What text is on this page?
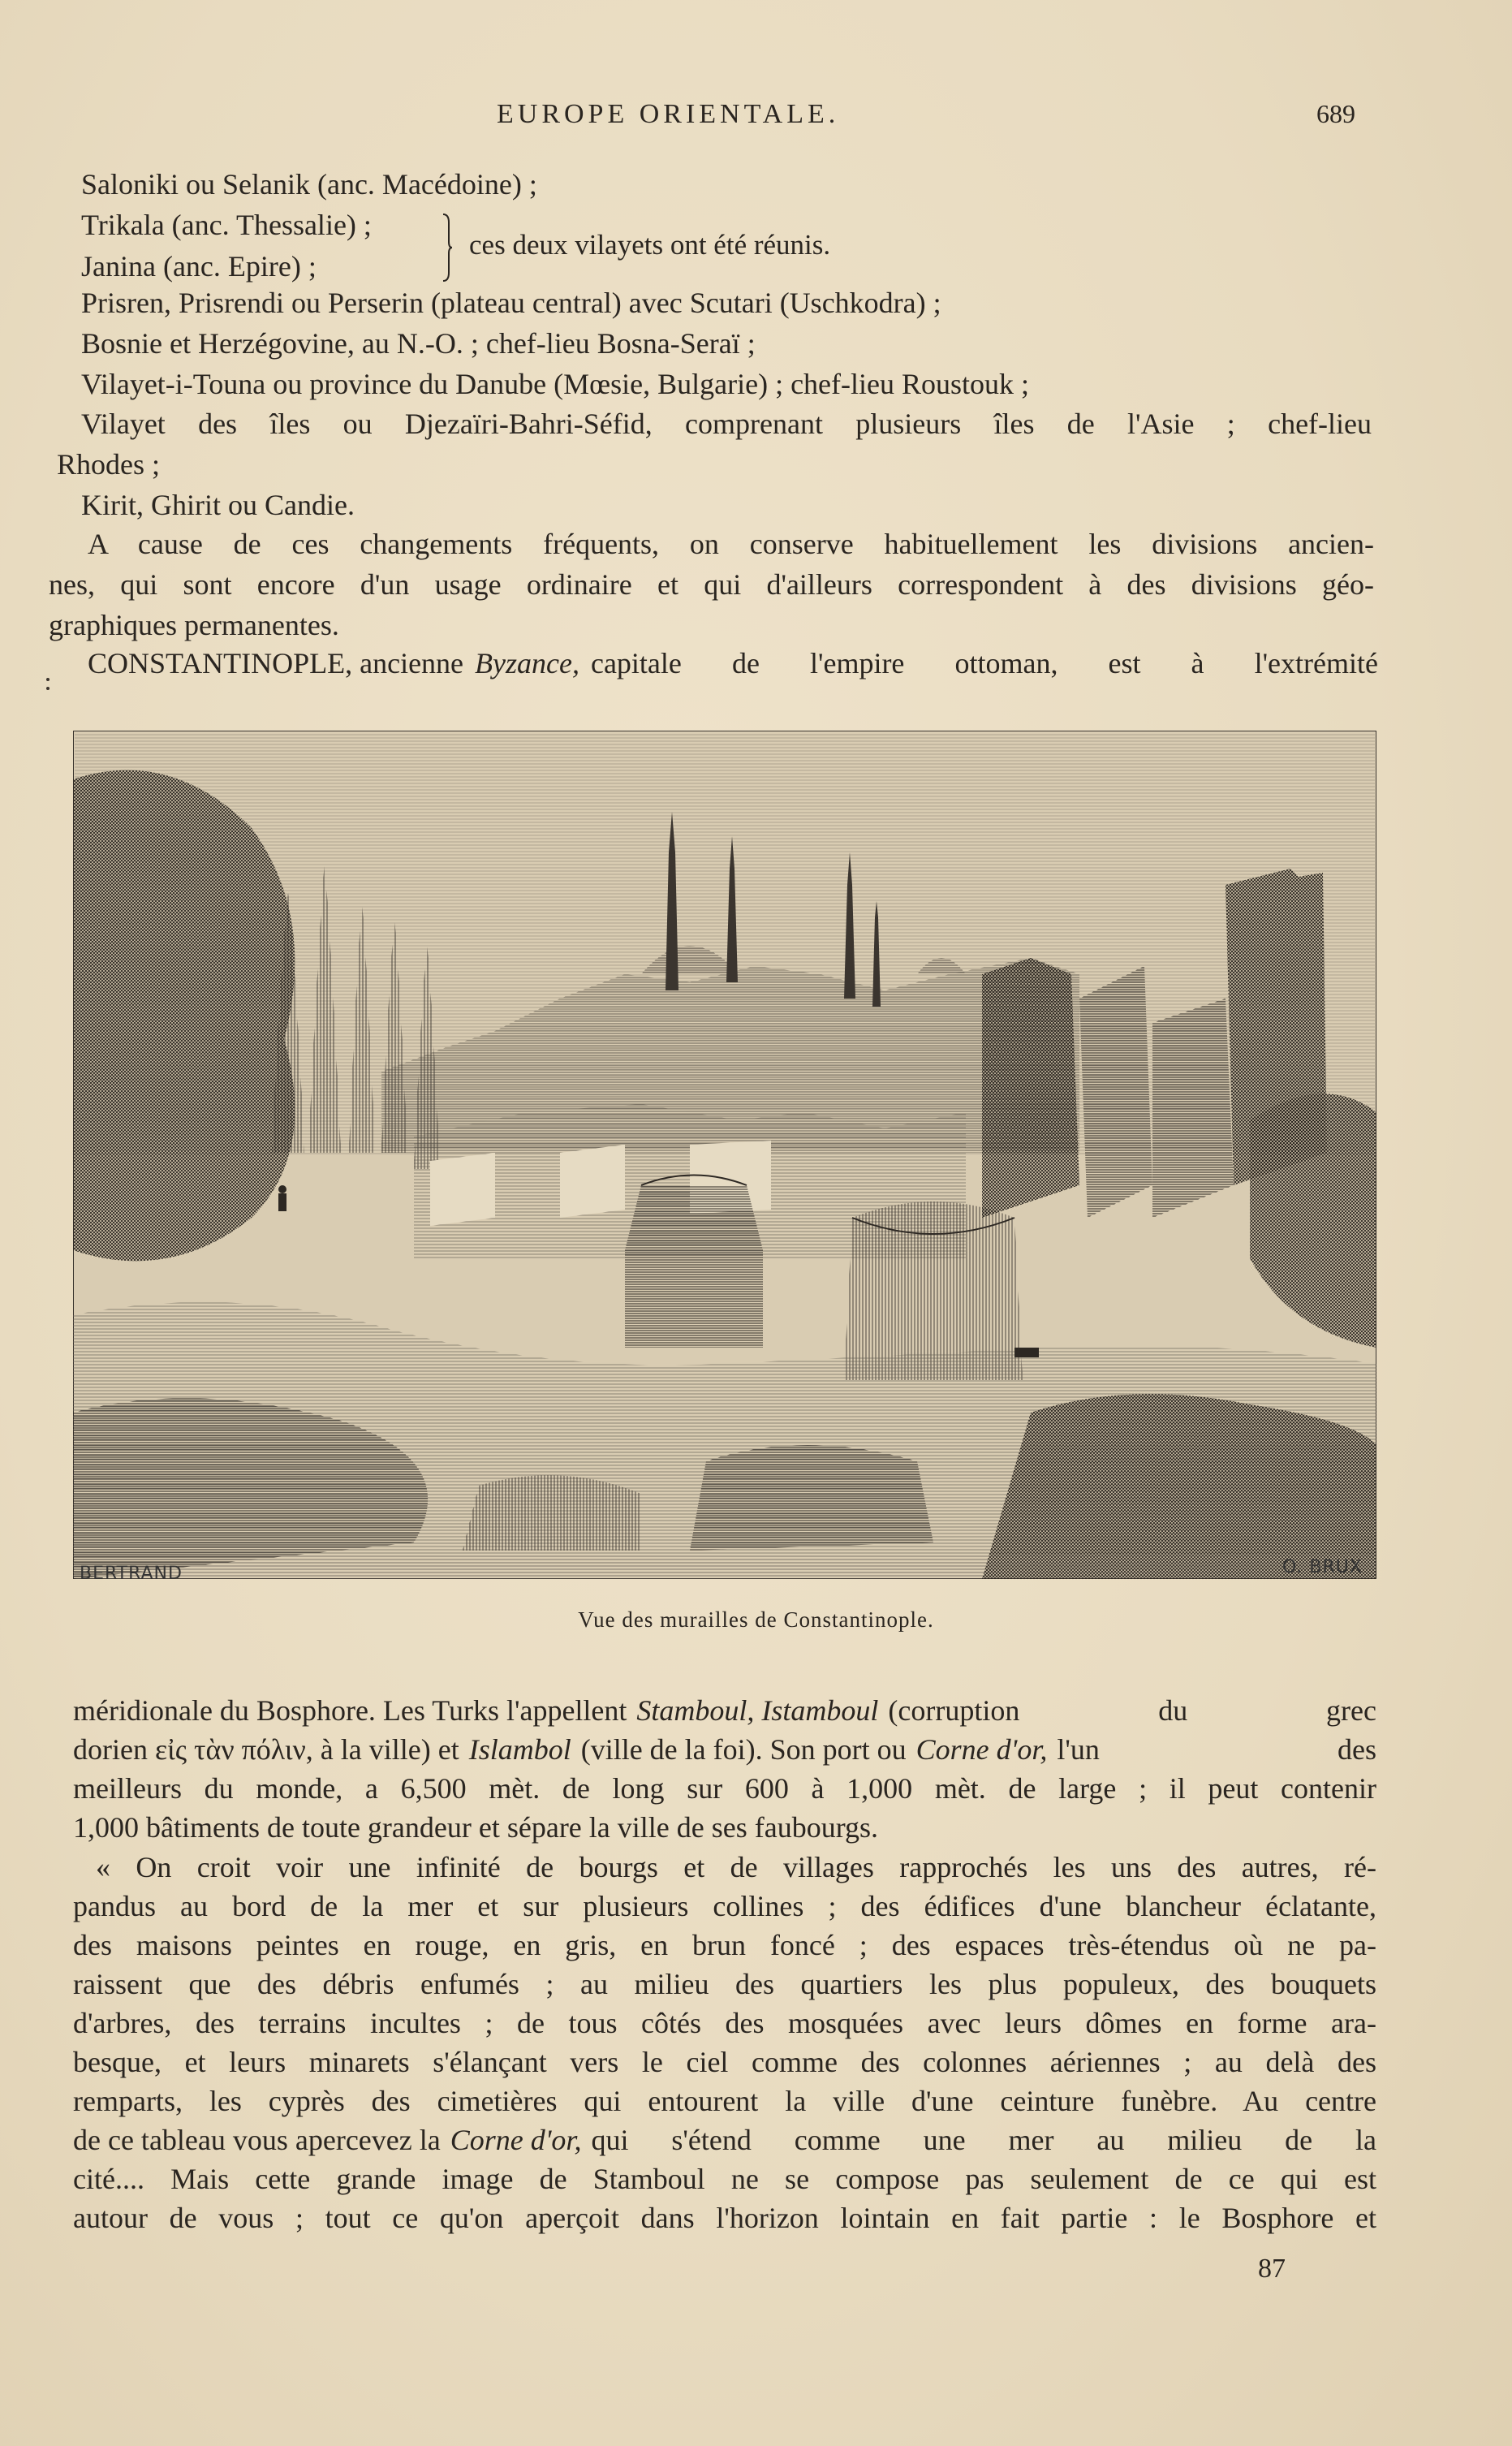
EUROPE ORIENTALE.	689
Saloniki ou Selanik (anc. Macédoine) ;
Trikala (anc. Thessalie) ;
ces deux vilayets ont été réunis.
Janina (anc. Epire) ;
Prisren, Prisrendi ou Perserin (plateau central) avec Scutari (Uschkodra) ;
Bosnie et Herzégovine, au N.-O. ; chef-lieu Bosna-Seraï ;
Vilayet-i-Touna ou province du Danube (Mœsie, Bulgarie) ; chef-lieu Roustouk ;
Vilayet des îles ou Djezaïri-Bahri-Séfid, comprenant plusieurs îles de l'Asie ; chef-lieu
Rhodes ;
Kirit, Ghirit ou Candie.
A cause de ces changements fréquents, on conserve habituellement les divisions ancien-
nes, qui sont encore d'un usage ordinaire et qui d'ailleurs correspondent à des divisions géo-
graphiques permanentes.
CONSTANTINOPLE, ancienne Byzance, capitale de l'empire ottoman, est à l'extrémité
BERTRAND	O. BRUX
Vue des murailles de Constantinople.
méridionale du Bosphore. Les Turks l'appellent Stamboul, Istamboul (corruption du grec
dorien εἰς τὰν πόλιν, à la ville) et Islambol (ville de la foi). Son port ou Corne d'or, l'un des
meilleurs du monde, a 6,500 mèt. de long sur 600 à 1,000 mèt. de large ; il peut contenir
1,000 bâtiments de toute grandeur et sépare la ville de ses faubourgs.
« On croit voir une infinité de bourgs et de villages rapprochés les uns des autres, ré-
pandus au bord de la mer et sur plusieurs collines ; des édifices d'une blancheur éclatante,
des maisons peintes en rouge, en gris, en brun foncé ; des espaces très-étendus où ne pa-
raissent que des débris enfumés ; au milieu des quartiers les plus populeux, des bouquets
d'arbres, des terrains incultes ; de tous côtés des mosquées avec leurs dômes en forme ara-
besque, et leurs minarets s'élançant vers le ciel comme des colonnes aériennes ; au delà des
remparts, les cyprès des cimetières qui entourent la ville d'une ceinture funèbre. Au centre
de ce tableau vous apercevez la Corne d'or, qui s'étend comme une mer au milieu de la
cité.... Mais cette grande image de Stamboul ne se compose pas seulement de ce qui est
autour de vous ; tout ce qu'on aperçoit dans l'horizon lointain en fait partie : le Bosphore et
87
